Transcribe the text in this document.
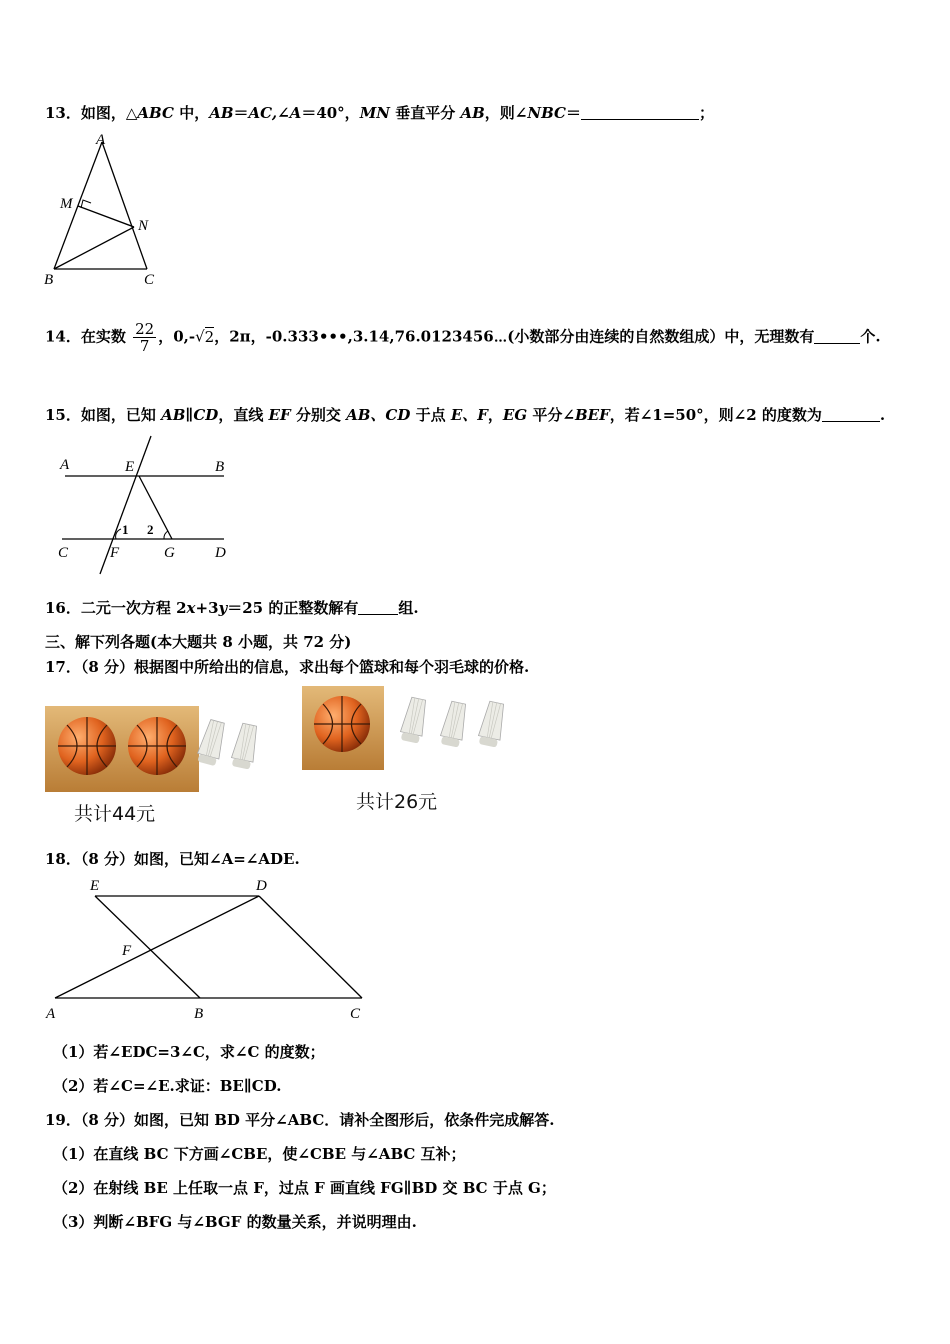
13．如图，△ABC 中，AB＝AC,∠A＝40°，MN 垂直平分 AB，则∠NBC＝	；
A
M
N
B	C
14．在实数 $\frac{22}{7}$ ，0,-√2，2π，-0.333•••,3.14,76.0123456⋯(小数部分由连续的自然数组成）中，无理数有	个.
15．如图，已知 AB∥CD，直线 EF 分别交 AB、CD 于点 E、F，EG 平分∠BEF，若∠1=50°，则∠2 的度数为	.
A	E	B
C	F	G	D
1 2
16．二元一次方程 2x+3y＝25 的正整数解有	组.
三、解下列各题(本大题共 8 小题，共 72 分)
17．（8 分）根据图中所给出的信息，求出每个篮球和每个羽毛球的价格.
共计44元
共计26元
18．（8 分）如图，已知∠A=∠ADE.
E	D
F
A	B	C
（1）若∠EDC=3∠C，求∠C 的度数；
（2）若∠C=∠E.求证：BE∥CD.
19．（8 分）如图，已知 BD 平分∠ABC．请补全图形后，依条件完成解答.
（1）在直线 BC 下方画∠CBE，使∠CBE 与∠ABC 互补；
（2）在射线 BE 上任取一点 F，过点 F 画直线 FG∥BD 交 BC 于点 G；
（3）判断∠BFG 与∠BGF 的数量关系，并说明理由.
